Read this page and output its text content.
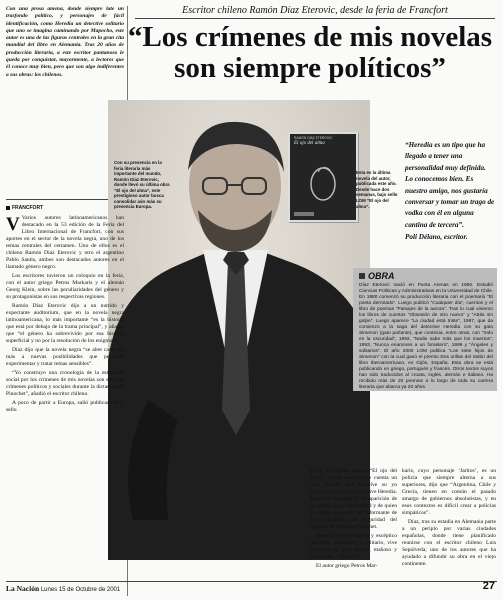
Con una prosa amena, donde siempre late un trasfondo político, y personajes de fácil identificación, como Heredia un detective solitario que uno se imagina caminando por Mapocho, este autor es una de las figuras centrales en la gran cita mundial del libro en Alemania. Tras 20 años de producción literaria, a este escritor pantanoso le queda por conquistar, mayormente, a lectores que él conoce muy bien, pero que son algo indiferentes a sus obras: los chilenos.
FRANCFORT
Escritor chileno Ramón Díaz Eterovic, desde la feria de Francfort
“Los crímenes de mis novelas
son siempre políticos”
Con su presencia en la feria literaria más importante del mundo, Ramón Díaz Eterovic, donde llevó su última obra “El ojo del alma”, este prestigioso autor busca consolidar aún más su presencia Europa.
RAMÓN DÍAZ ETEROVIC
El ojo del alma
Esta es la última novela del autor, publicada este año. Desde hace dos semanas, bajo sello LOM “El ojo del alma”.
“Heredia es un tipo que ha llegado a tener una personalidad muy definida. Lo conocemos bien. Es nuestro amigo, nos gustaría conversar y tomar un trago de vodka con él en alguna cantina de tercera”.
Poli Délano, escritor.
OBRA
Díaz Eterovic nació en Punta Arenas en 1956. Estudió Ciencias Políticas y Administrativas en la Universidad de Chile. En 1980 comenzó su producción literaria con el poemario “El poeta derrotado”. Luego publicó “Cualquier día”, cuentos y el libro de poemas “Paisajes de la aurora”. Tras lo cual vinieron los libros de cuentos “Obsesión de otro nuevo” y “Atrás sin golpe”. Luego aparece “La ciudad está triste”, 1987, que da comienzo a la saga del detective Heredia con su gato Simenon (gato parlante), que continúa, entre otras, con “Solo en la oscuridad”, 1992, “Nadie sabe más que los muertos”, 1993, “Nunca enamores a un forastero”, 1999 y “Ángeles y solitarios”. El año 2000 LOM publica “Los siete hijos de Simenon” con la cual ganó el premio Dos orillas del Salón del libro Iberoamericano, en Gijón, España. Esta obra se está publicando en griego, portugués y francés. Otros textos suyos han sido traducidos al croata, inglés, alemán e italiano. Ha recibido más de 20 premios a lo largo de toda su carrera literaria que abarca ya 20 años.

V Varios autores latinoamericanos han destacado en la 53 edición de la Feria del Libro Internacional de Francfort, con sus aportes en el sector de la novela negra, uno de los temas centrales del certamen. Uno de ellos es el chileno Ramón Díaz Eterovic y otro el argentino Pablo Santis, ambos son destacados autores en el llamado género negro.

Los escritores tuvieron un coloquio en la feria, con el autor griego Petros Markaris y el alemán Georg Klein, sobre las peculiaridades del género y su protagonistas en sus respectivas regiones.

Ramón Díaz Eterovic dijo a un nutrido y expectante auditorium, que en la novela negra latinoamericana, lo más importante “es la historia que está por debajo de la trama principal”, y añadió que “el género ha sobrevivido por esa historia superficial y no por la resolución de los enigmas”.

Díaz dijo que la novela negra “se abre cada vez más a nuevas posibilidades que permiten experimentar y tratar temas sensibles”.

“Yo construyo una cronología de la estructura social por los crímenes de mis novelas son siempre crímenes políticos y sociales durante la dictadura de Pinochet”, añadió el escritor chileno.

A poco de partir a Europa, salió publicada bajo sello

LOM, su última novela “El ojo del alma”, donde nuevamente cuenta un caso policial que resuelve su yo popular alter ego, el detective Heredia. Esta vez investiga la desaparición de un amigo de la universidad y de quien se piensa que pudo ser informante de los organismos de seguridad del régimen de Augusto Pinochet.

Heredia, un nostálgico y escéptico detective, romántico y solitario, vive solo con su gato blanco, mañoso y parlanchín, ‘Simenon’.

El autor griego Petros Mar-

karis, cuyo personaje ‘Jaritos’, es un policía que siempre alterna a sus superiores, dijo que “Argentina, Chile y Grecia, tienen en común el pasado amargo de gobiernos absolutistas, y en esos contextos es difícil crear a policías simpáticos”.

Díaz, tras su estadía en Alemania parte a un periplo por varias ciudades españolas, donde tiene planificado reunirse con el escritor chileno Luis Sepúlveda, uno de los autores que ha ayudado a difundir su obra en el viejo continente.

La Nación Lunes 15 de Octubre de 2001	27
